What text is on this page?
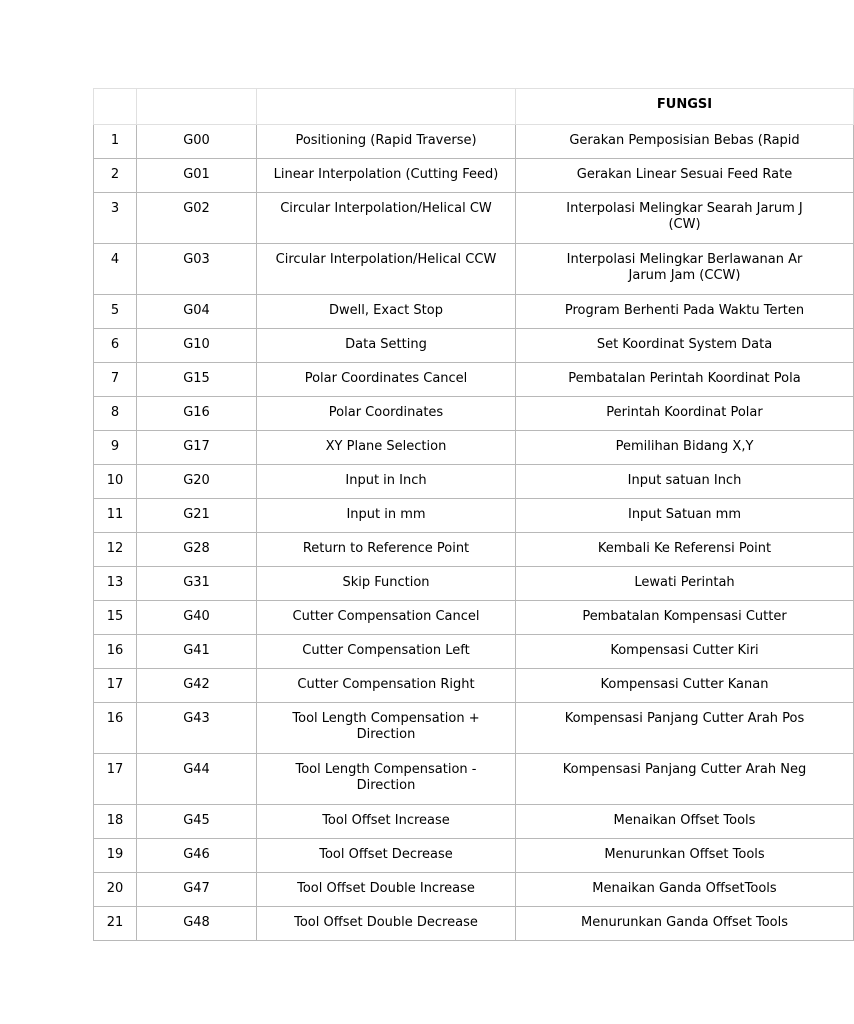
			FUNGSI
1	G00	Positioning (Rapid Traverse)	Gerakan Pemposisian Bebas (Rapid
2	G01	Linear Interpolation (Cutting Feed)	Gerakan Linear Sesuai Feed Rate
3	G02	Circular Interpolation/Helical CW	Interpolasi Melingkar Searah Jarum J
(CW)

4	G03	Circular Interpolation/Helical CCW	Interpolasi Melingkar Berlawanan Ar
Jarum Jam (CCW)

5	G04	Dwell, Exact Stop	Program Berhenti Pada Waktu Terten
6	G10	Data Setting	Set Koordinat System Data
7	G15	Polar Coordinates Cancel	Pembatalan Perintah Koordinat Pola
8	G16	Polar Coordinates	Perintah Koordinat Polar
9	G17	XY Plane Selection	Pemilihan Bidang X,Y
10	G20	Input in Inch	Input satuan Inch
11	G21	Input in mm	Input Satuan mm
12	G28	Return to Reference Point	Kembali Ke Referensi Point
13	G31	Skip Function	Lewati Perintah
15	G40	Cutter Compensation Cancel	Pembatalan Kompensasi Cutter
16	G41	Cutter Compensation Left	Kompensasi Cutter Kiri
17	G42	Cutter Compensation Right	Kompensasi Cutter Kanan
16	G43	Tool Length Compensation +
Direction	Kompensasi Panjang Cutter Arah Pos
17	G44	Tool Length Compensation -
Direction	Kompensasi Panjang Cutter Arah Neg
18	G45	Tool Offset Increase	Menaikan Offset Tools
19	G46	Tool Offset Decrease	Menurunkan Offset Tools
20	G47	Tool Offset Double Increase	Menaikan Ganda OffsetTools
21	G48	Tool Offset Double Decrease	Menurunkan Ganda Offset Tools
